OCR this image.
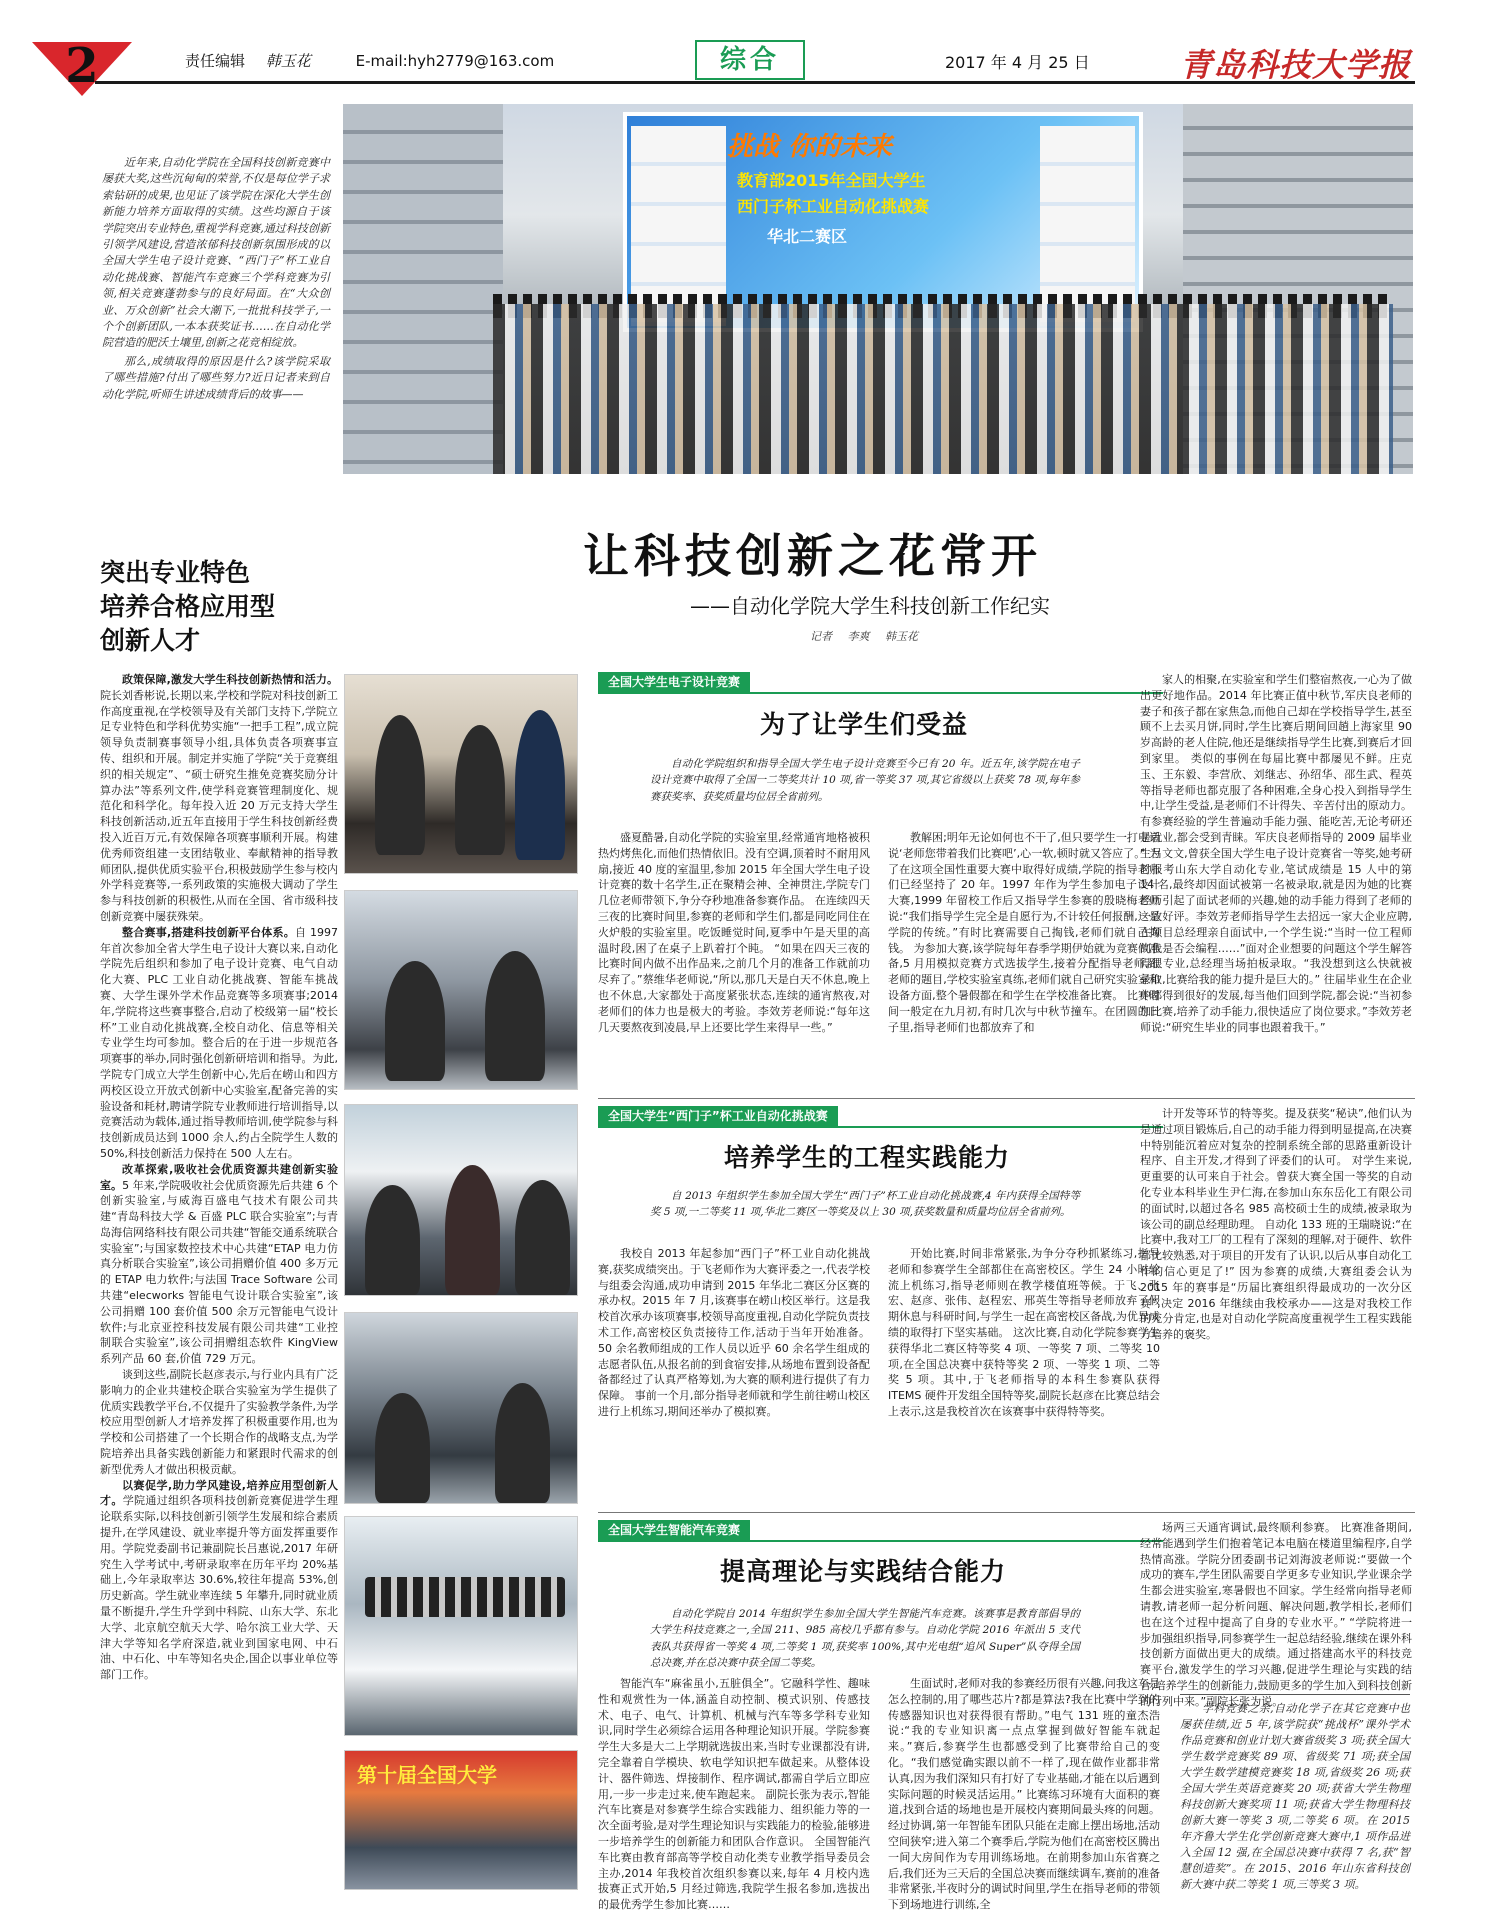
2	责任编辑 韩玉花	E-mail:hyh2779@163.com	综合	2017 年 4 月 25 日	青岛科技大学报
挑战 你的未来
教育部2015年全国大学生
西门子杯工业自动化挑战赛
华北二赛区

近年来,自动化学院在全国科技创新竞赛中屡获大奖,这些沉甸甸的荣誉,不仅是每位学子求索钻研的成果,也见证了该学院在深化大学生创新能力培养方面取得的实绩。这些均源自于该学院突出专业特色,重视学科竞赛,通过科技创新引领学风建设,营造浓郁科技创新氛围形成的以全国大学生电子设计竞赛、“西门子”杯工业自动化挑战赛、智能汽车竞赛三个学科竞赛为引领,相关竞赛蓬勃参与的良好局面。在“大众创业、万众创新”社会大潮下,一批批科技学子,一个个创新团队,一本本获奖证书……在自动化学院营造的肥沃土壤里,创新之花竞相绽放。

那么,成绩取得的原因是什么?该学院采取了哪些措施?付出了哪些努力?近日记者来到自动化学院,听师生讲述成绩背后的故事——

让科技创新之花常开
——自动化学院大学生科技创新工作纪实
记者 李爽 韩玉花
突出专业特色
培养合格应用型
创新人才

政策保障,激发大学生科技创新热情和活力。院长刘香彬说,长期以来,学校和学院对科技创新工作高度重视,在学校领导及有关部门支持下,学院立足专业特色和学科优势实施“一把手工程”,成立院领导负责制赛事领导小组,具体负责各项赛事宣传、组织和开展。制定并实施了学院“关于竞赛组织的相关规定”、“硕士研究生推免竞赛奖励分计算办法”等系列文件,使学科竞赛管理制度化、规范化和科学化。每年投入近 20 万元支持大学生科技创新活动,近五年直接用于学生科技创新经费投入近百万元,有效保障各项赛事顺利开展。构建优秀师资组建一支团结敬业、奉献精神的指导教师团队,提供优质实验平台,积极鼓励学生参与校内外学科竞赛等,一系列政策的实施极大调动了学生参与科技创新的积极性,从而在全国、省市级科技创新竞赛中屡获殊荣。

整合赛事,搭建科技创新平台体系。自 1997 年首次参加全省大学生电子设计大赛以来,自动化学院先后组织和参加了电子设计竞赛、电气自动化大赛、PLC 工业自动化挑战赛、智能车挑战赛、大学生课外学术作品竞赛等多项赛事;2014 年,学院将这些赛事整合,启动了校级第一届“校长杯”工业自动化挑战赛,全校自动化、信息等相关专业学生均可参加。整合后的在于进一步规范各项赛事的举办,同时强化创新研培训和指导。为此,学院专门成立大学生创新中心,先后在崂山和四方两校区设立开放式创新中心实验室,配备完善的实验设备和耗材,聘请学院专业教师进行培训指导,以竞赛活动为载体,通过指导教师培训,使学院参与科技创新成员达到 1000 余人,约占全院学生人数的 50%,科技创新活力保持在 500 人左右。

改革探索,吸收社会优质资源共建创新实验室。5 年来,学院吸收社会优质资源先后共建 6 个创新实验室,与威海百盛电气技术有限公司共建“青岛科技大学 & 百盛 PLC 联合实验室”;与青岛海信网络科技有限公司共建“智能交通系统联合实验室”;与国家数控技术中心共建“ETAP 电力仿真分析联合实验室”,该公司捐赠价值 400 多万元的 ETAP 电力软件;与法国 Trace Software 公司共建“elecworks 智能电气设计联合实验室”,该公司捐赠 100 套价值 500 余万元智能电气设计软件;与北京亚控科技发展有限公司共建“工业控制联合实验室”,该公司捐赠组态软件 KingView 系列产品 60 套,价值 729 万元。

谈到这些,副院长赵彦表示,与行业内具有广泛影响力的企业共建校企联合实验室为学生提供了优质实践教学平台,不仅提升了实验教学条件,为学校应用型创新人才培养发挥了积极重要作用,也为学校和公司搭建了一个长期合作的战略支点,为学院培养出具备实践创新能力和紧跟时代需求的创新型优秀人才做出积极贡献。

以赛促学,助力学风建设,培养应用型创新人才。学院通过组织各项科技创新竞赛促进学生理论联系实际,以科技创新引领学生发展和综合素质提升,在学风建设、就业率提升等方面发挥重要作用。学院党委副书记兼副院长吕惠说,2017 年研究生入学考试中,考研录取率在历年平均 20%基础上,今年录取率达 30.6%,较往年提高 53%,创历史新高。学生就业率连续 5 年攀升,同时就业质量不断提升,学生升学到中科院、山东大学、东北大学、北京航空航天大学、哈尔滨工业大学、天津大学等知名学府深造,就业到国家电网、中石油、中石化、中车等知名央企,国企以事业单位等部门工作。

第十届全国大学
全国大学生电子设计竞赛
为了让学生们受益
自动化学院组织和指导全国大学生电子设计竞赛至今已有 20 年。近五年,该学院在电子设计竞赛中取得了全国一二等奖共计 10 项,省一等奖 37 项,其它省级以上获奖 78 项,每年参赛获奖率、获奖质量均位居全省前列。

盛夏酷暑,自动化学院的实验室里,经常通宵地格被积热灼烤焦化,而他们热情依旧。没有空调,顶着时不耐用风扇,接近 40 度的室温里,参加 2015 年全国大学生电子设计竞赛的数十名学生,正在聚精会神、全神贯注,学院专门几位老师带领下,争分夺秒地准备参赛作品。 在连续四天三夜的比赛时间里,参赛的老师和学生们,都是同吃同住在火炉般的实验室里。吃饭睡觉时间,夏季中午是天里的高温时段,困了在桌子上趴着打个盹。 “如果在四天三夜的比赛时间内做不出作品来,之前几个月的准备工作就前功尽弃了。”蔡维华老师说,“所以,那几天是白天不休息,晚上也不休息,大家都处于高度紧张状态,连续的通宵熬夜,对老师们的体力也是极大的考验。李效芳老师说:“每年这几天要熬夜到凌晨,早上还要比学生来得早一些。”

教解困;明年无论如何也不干了,但只要学生一打电话说‘老师您带着我们比赛吧’,心一软,顿时就又答应了。” 为了在这项全国性重要大赛中取得好成绩,学院的指导老师们已经坚持了 20 年。1997 年作为学生参加电子设计大赛,1999 年留校工作后又指导学生参赛的殷晓梅老师说:“我们指导学生完全是自愿行为,不计较任何报酬,这是学院的传统。”有时比赛需要自己掏钱,老师们就自己掏钱。 为参加大赛,该学院每年春季学期伊始就为竞赛做准备,5 月用模拟竞赛方式选拔学生,接着分配指导老师,跟老师的题目,学校实验室真练,老师们就自己研究实验室和设备方面,整个暑假都在和学生在学校准备比赛。 比赛时间一般定在九月初,有时几次与中秋节撞车。在团圆的日子里,指导老师们也都放弃了和

家人的相聚,在实验室和学生们整宿熬夜,一心为了做出更好地作品。2014 年比赛正值中秋节,军庆良老师的妻子和孩子都在家焦急,而他自己却在学校指导学生,甚至顾不上去买月饼,同时,学生比赛后期间回趟上海家里 90 岁高龄的老人住院,他还是继续指导学生比赛,到赛后才回到家里。 类似的事例在每届比赛中都屡见不鲜。庄克玉、王东毅、李营欣、刘继志、孙绍华、邵生武、程英等指导老师也都克服了各种困难,全身心投入到指导学生中,让学生受益,是老师们不计得失、辛苦付出的原动力。 有参赛经验的学生普遍动手能力强、能吃苦,无论考研还是就业,都会受到青睐。军庆良老师指导的 2009 届毕业生吕文文,曾获全国大学生电子设计竞赛省一等奖,她考研时报考山东大学自动化专业,笔试成绩是 15 人中的第 14 名,最终却因面试被第一名被录取,就是因为她的比赛经历引起了面试老师的兴趣,她的动手能力得到了老师的一致好评。李效芳老师指导学生去招远一家大企业应聘,在项目总经理亲自面试中,一个学生说:“当时一位工程师问我是否会编程……”面对企业想要的问题这个学生解答得很专业,总经理当场拍板录取。“我没想到这么快就被录取,比赛给我的能力提升是巨大的。” 往届毕业生在企业中都得到很好的发展,每当他们回到学院,都会说:“当初参加比赛,培养了动手能力,很快适应了岗位要求。”李效芳老师说:“研究生毕业的同事也跟着我干。”

全国大学生“西门子”杯工业自动化挑战赛
培养学生的工程实践能力
自 2013 年组织学生参加全国大学生“西门子”杯工业自动化挑战赛,4 年内获得全国特等奖 5 项,一二等奖 11 项,华北二赛区一等奖及以上 30 项,获奖数量和质量均位居全省前列。

我校自 2013 年起参加“西门子”杯工业自动化挑战赛,获奖成绩突出。于飞老师作为大赛评委之一,代表学校与组委会沟通,成功申请到 2015 年华北二赛区分区赛的承办权。2015 年 7 月,该赛事在崂山校区举行。这是我校首次承办该项赛事,校领导高度重视,自动化学院负责技术工作,高密校区负责接待工作,活动于当年开始准备。50 余名教师组成的工作人员以近乎 60 余名学生组成的志愿者队伍,从报名前的到食宿安排,从场地布置到设备配备都经过了认真严格筹划,为大赛的顺利进行提供了有力保障。 事前一个月,部分指导老师就和学生前往崂山校区进行上机练习,期间还举办了模拟赛。

开始比赛,时间非常紧张,为争分夺秒抓紧练习,指导老师和参赛学生全部都住在高密校区。学生 24 小时轮流上机练习,指导老师则在教学楼值班等候。于飞、张宏、赵彦、张伟、赵程宏、邢英生等指导老师放弃了假期休息与科研时间,与学生一起在高密校区备战,为优异成绩的取得打下坚实基础。 这次比赛,自动化学院参赛学生获得华北二赛区特等奖 4 项、一等奖 7 项、二等奖 10 项,在全国总决赛中获特等奖 2 项、一等奖 1 项、二等奖 5 项。其中,于飞老师指导的本科生参赛队获得 ITEMS 硬件开发组全国特等奖,副院长赵彦在比赛总结会上表示,这是我校首次在该赛事中获得特等奖。

计开发等环节的特等奖。提及获奖“秘诀”,他们认为是通过项目锻炼后,自己的动手能力得到明显提高,在决赛中特别能沉着应对复杂的控制系统全部的思路重新设计程序、自主开发,才得到了评委们的认可。 对学生来说,更重要的认可来自于社会。曾获大赛全国一等奖的自动化专业本科毕业生尹仁海,在参加山东东岳化工有限公司的面试时,以超过各名 985 高校硕士生的成绩,被录取为该公司的副总经理助理。 自动化 133 班的王瑞晓说:“在比赛中,我对工厂的工程有了深刻的理解,对于硬件、软件都比较熟悉,对于项目的开发有了认识,以后从事自动化工作的信心更足了!” 因为参赛的成绩,大赛组委会认为 2015 年的赛事是“历届比赛组织得最成功的一次分区赛”,决定 2016 年继续由我校承办——这是对我校工作的充分肯定,也是对自动化学院高度重视学生工程实践能力培养的褒奖。

全国大学生智能汽车竞赛
提高理论与实践结合能力
自动化学院自 2014 年组织学生参加全国大学生智能汽车竞赛。该赛事是教育部倡导的大学生科技竞赛之一,全国 211、985 高校几乎都有参与。自动化学院 2016 年派出 5 支代表队共获得省一等奖 4 项,二等奖 1 项,获奖率 100%,其中光电组“追风 Super”队夺得全国总决赛,并在总决赛中获全国二等奖。

智能汽车“麻雀虽小,五脏俱全”。它融科学性、趣味性和观赏性为一体,涵盖自动控制、模式识别、传感技术、电子、电气、计算机、机械与汽车等多学科专业知识,同时学生必须综合运用各种理论知识开展。学院参赛学生大多是大二上学期就选拔出来,当时专业课都没有讲,完全靠着自学模块、软电学知识把车做起来。从整体设计、器件筛选、焊接制作、程序调试,都需自学后立即应用,一步一步走过来,使车跑起来。 副院长张为表示,智能汽车比赛是对参赛学生综合实践能力、组织能力等的一次全面考验,是对学生理论知识与实践能力的检验,能够进一步培养学生的创新能力和团队合作意识。 全国智能汽车比赛由教育部高等学校自动化类专业教学指导委员会主办,2014 年我校首次组织参赛以来,每年 4 月校内选拔赛正式开始,5 月经过筛选,我院学生报名参加,选拔出的最优秀学生参加比赛……

生面试时,老师对我的参赛经历很有兴趣,问我这车是怎么控制的,用了哪些芯片?都是算法?我在比赛中学到的传感器知识也对获得很有帮助。”电气 131 班的童杰浩说:“我的专业知识离一点点掌握到做好智能车就起来。”赛后,参赛学生也都感受到了比赛带给自己的变化。“我们感觉确实跟以前不一样了,现在做作业都非常认真,因为我们深知只有打好了专业基础,才能在以后遇到实际问题的时候灵活运用。” 比赛练习环境有大面积的赛道,找到合适的场地也是开展校内赛期间最头疼的问题。经过协调,第一年智能车团队只能在走廊上摆出场地,活动空间狭窄;进入第二个赛季后,学院为他们在高密校区腾出一间大房间作为专用训练场地。在前期参加山东省赛之后,我们还为三天后的全国总决赛而继续调车,赛前的准备非常紧张,半夜时分的调试时间里,学生在指导老师的带领下到场地进行训练,全

场两三天通宵调试,最终顺利参赛。 比赛准备期间,经常能遇到学生们抱着笔记本电脑在楼道里编程序,自学热情高涨。学院分团委副书记刘海波老师说:“要做一个成功的赛车,学生团队需要自学更多专业知识,学业课余学生都会进实验室,寒暑假也不回家。学生经常向指导老师请教,请老师一起分析问题、解决问题,教学相长,老师们也在这个过程中提高了自身的专业水平。” “学院将进一步加强组织指导,同参赛学生一起总结经验,继续在课外科技创新方面做出更大的成绩。通过搭建高水平的科技竞赛平台,激发学生的学习兴趣,促进学生理论与实践的结合,培养学生的创新能力,鼓励更多的学生加入到科技创新的行列中来。”副院长张为说。

学科竞赛之余,自动化学子在其它竞赛中也屡获佳绩,近 5 年,该学院获“挑战杯”课外学术作品竞赛和创业计划大赛省级奖 3 项;获全国大学生数学竞赛奖 89 项、省级奖 71 项;获全国大学生数学建模竞赛奖 18 项,省级奖 26 项;获全国大学生英语竞赛奖 20 项;获省大学生物理科技创新大赛奖项 11 项;获省大学生物理科技创新大赛一等奖 3 项,二等奖 6 项。在 2015 年齐鲁大学生化学创新竞赛大赛中,1 项作品进入全国 12 强,在全国总决赛中获得 7 名,获“智慧创造奖”。在 2015、2016 年山东省科技创新大赛中获二等奖 1 项,三等奖 3 项。
